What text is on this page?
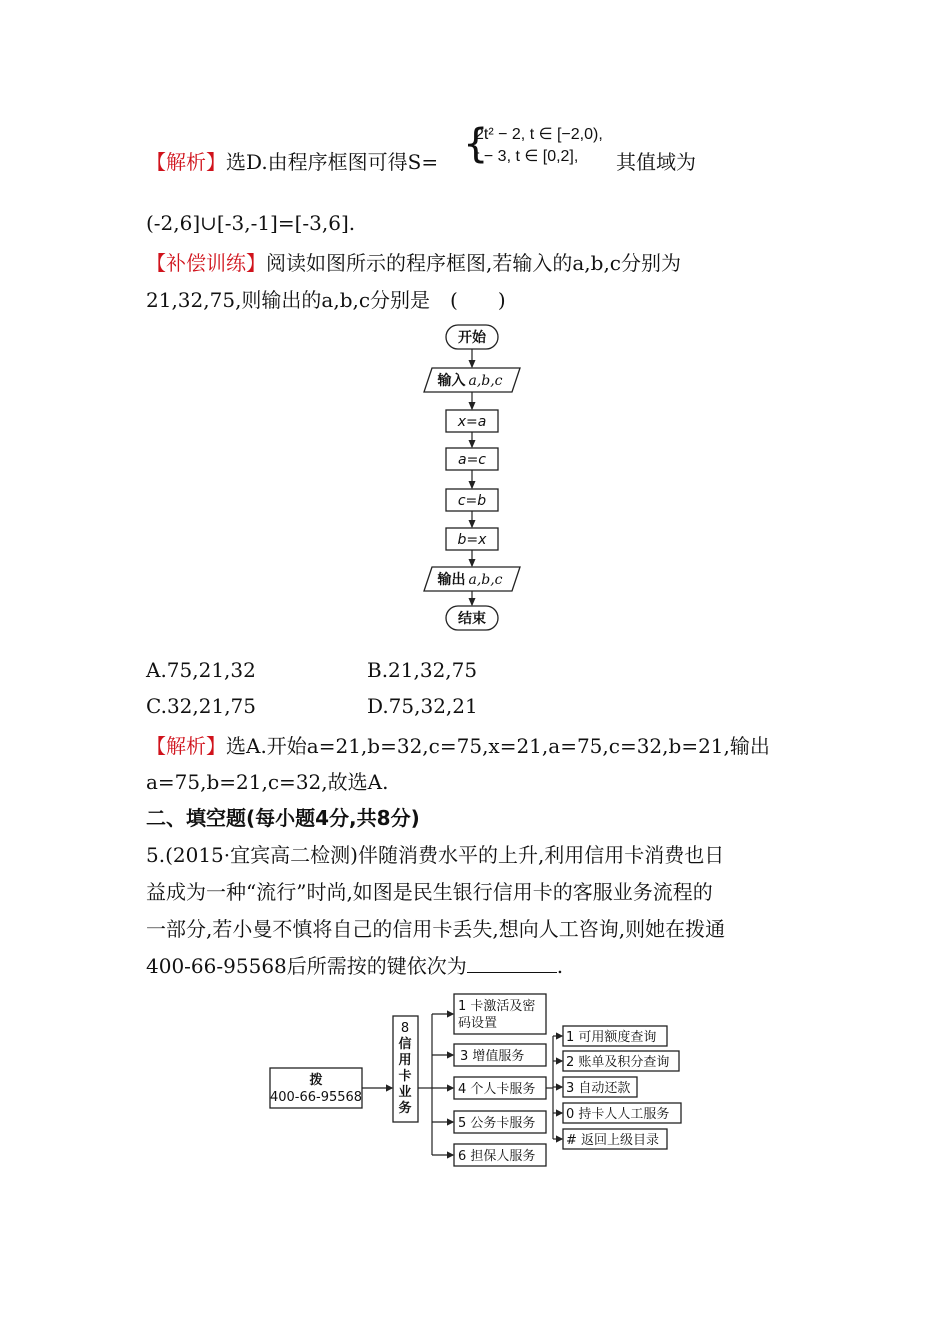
【解析】选D.由程序框图可得S= {
2t² − 2, t ∈ [−2,0),
t − 3, t ∈ [0,2], 其值域为
(-2,6]∪[-3,-1]=[-3,6].
【补偿训练】阅读如图所示的程序框图,若输入的a,b,c分别为
21,32,75,则输出的a,b,c分别是　(　　)
开始
输入 a,b,c
x=a
a=c
c=b
b=x
输出 a,b,c
结束
A.75,21,32	B.21,32,75
C.32,21,75	D.75,32,21
【解析】选A.开始a=21,b=32,c=75,x=21,a=75,c=32,b=21,输出
a=75,b=21,c=32,故选A.
二、填空题(每小题4分,共8分)
5.(2015·宜宾高二检测)伴随消费水平的上升,利用信用卡消费也日
益成为一种“流行”时尚,如图是民生银行信用卡的客服业务流程的
一部分,若小曼不慎将自己的信用卡丢失,想向人工咨询,则她在拨通
400-66-95568后所需按的键依次为	.
拨
400-66-95568
8
信
用
卡
业
务
1 卡激活及密
码设置
3 增值服务
4 个人卡服务
5 公务卡服务
6 担保人服务
1 可用额度查询
2 账单及积分查询
3 自动还款
0 持卡人人工服务
# 返回上级目录
